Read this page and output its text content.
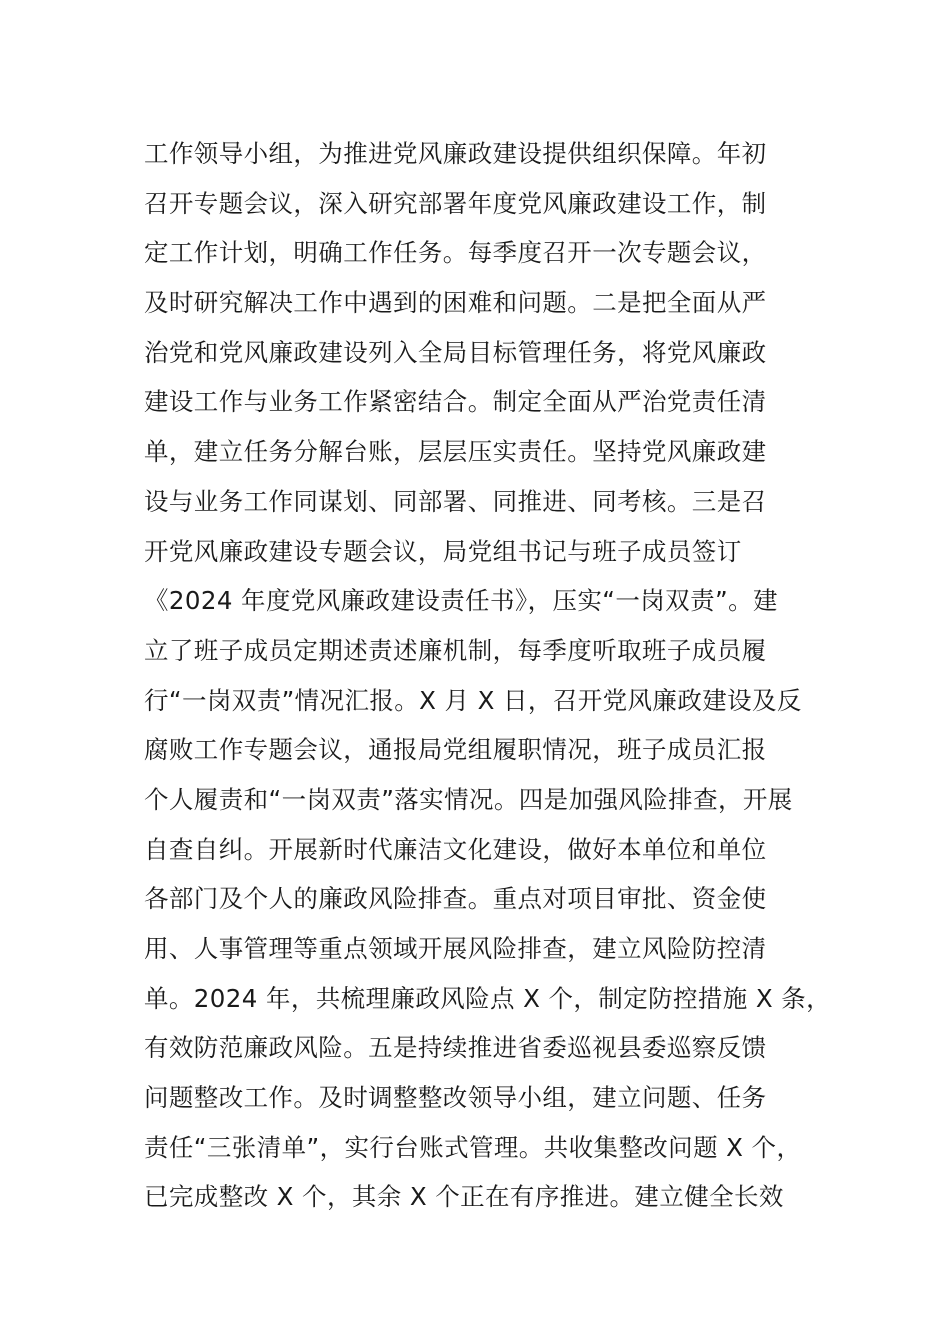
工作领导小组，为推进党风廉政建设提供组织保障。年初
召开专题会议，深入研究部署年度党风廉政建设工作，制
定工作计划，明确工作任务。每季度召开一次专题会议，
及时研究解决工作中遇到的困难和问题。二是把全面从严
治党和党风廉政建设列入全局目标管理任务，将党风廉政
建设工作与业务工作紧密结合。制定全面从严治党责任清
单，建立任务分解台账，层层压实责任。坚持党风廉政建
设与业务工作同谋划、同部署、同推进、同考核。三是召
开党风廉政建设专题会议，局党组书记与班子成员签订
《2024 年度党风廉政建设责任书》，压实“一岗双责”。建
立了班子成员定期述责述廉机制，每季度听取班子成员履
行“一岗双责”情况汇报。X 月 X 日，召开党风廉政建设及反
腐败工作专题会议，通报局党组履职情况，班子成员汇报
个人履责和“一岗双责”落实情况。四是加强风险排查，开展
自查自纠。开展新时代廉洁文化建设，做好本单位和单位
各部门及个人的廉政风险排查。重点对项目审批、资金使
用、人事管理等重点领域开展风险排查，建立风险防控清
单。2024 年，共梳理廉政风险点 X 个，制定防控措施 X 条，
有效防范廉政风险。五是持续推进省委巡视县委巡察反馈
问题整改工作。及时调整整改领导小组，建立问题、任务
责任“三张清单”，实行台账式管理。共收集整改问题 X 个，
已完成整改 X 个，其余 X 个正在有序推进。建立健全长效
